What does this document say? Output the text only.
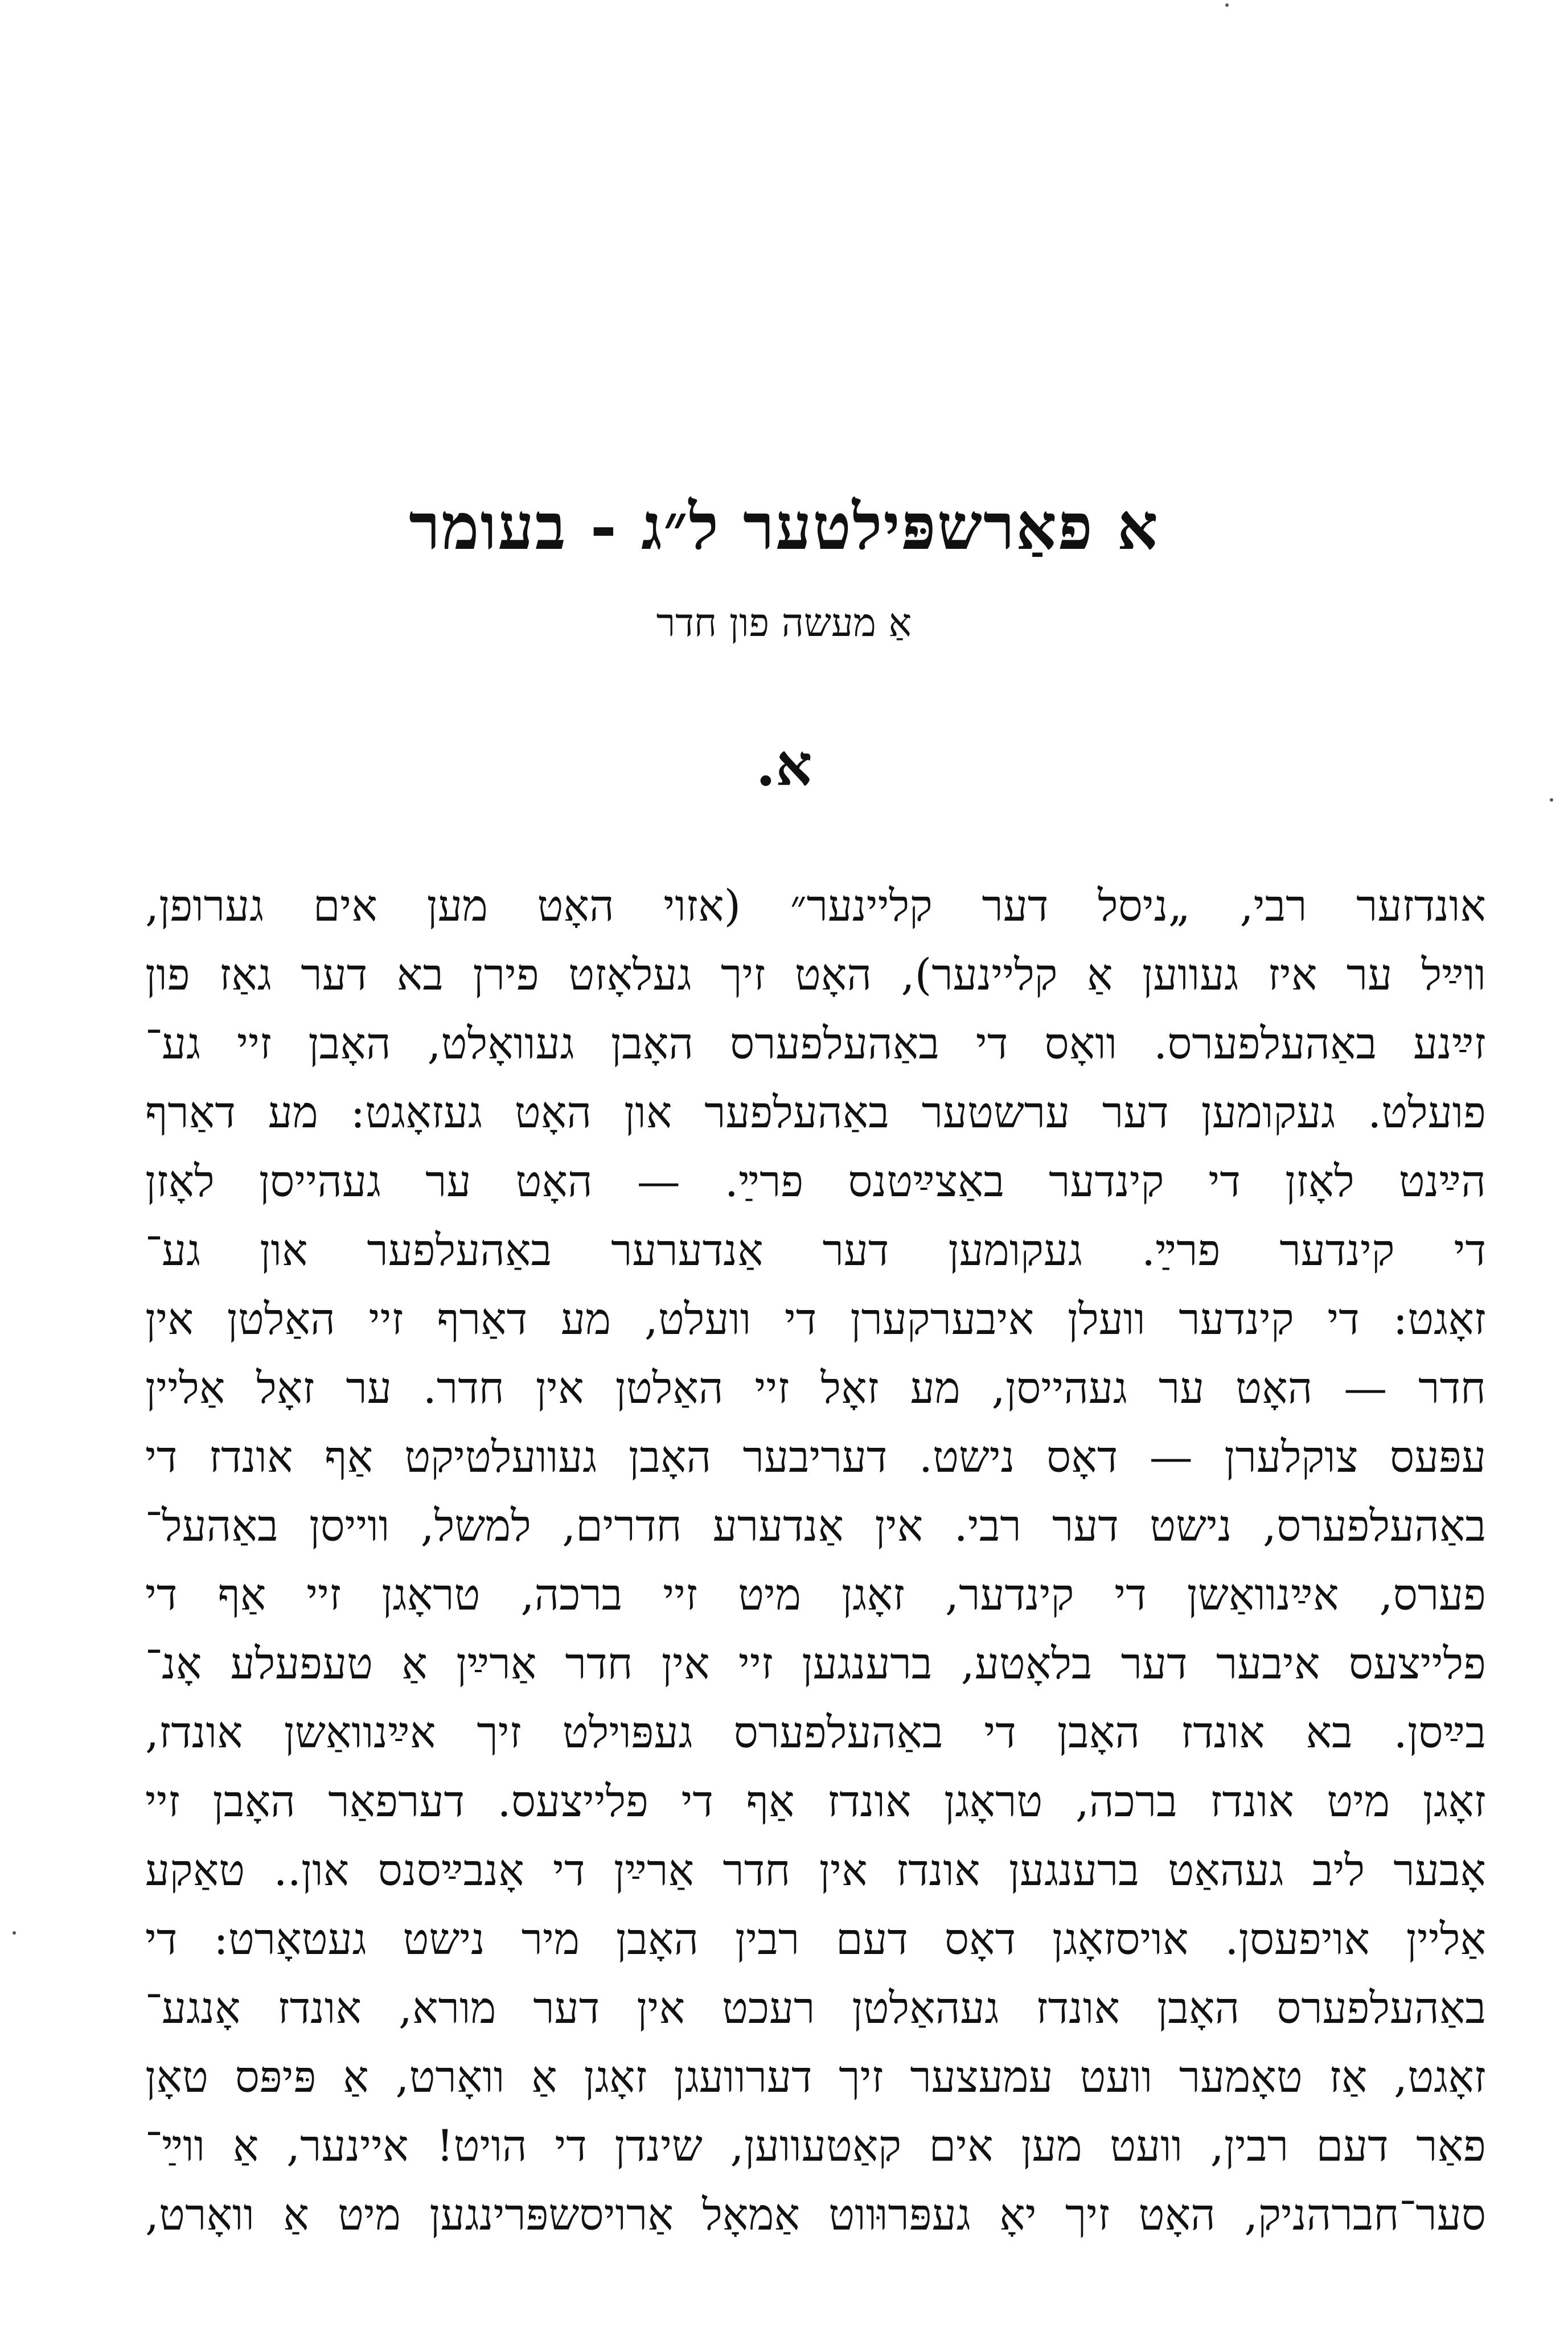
א פאַרשפּילטער ל״ג - בעומר
אַ מעשה פון חדר
א.
אונדזער רבי, „ניסל דער קליינער״ (אזוי האָט מען אים גערופן,
ווײַל ער איז געווען אַ קליינער), האָט זיך געלאָזט פירן בא דער גאַז פון
זײַנע באַהעלפערס. וואָס די באַהעלפערס האָבן געוואָלט, האָבן זיי גע־
פועלט. געקומען דער ערשטער באַהעלפער און האָט געזאָגט: מע דאַרף
הײַנט לאָזן די קינדער באַצײַטנס פרײַ. — האָט ער געהייסן לאָזן
די קינדער פרײַ. געקומען דער אַנדערער באַהעלפער און גע־
זאָגט: די קינדער וועלן איבערקערן די וועלט, מע דאַרף זיי האַלטן אין
חדר — האָט ער געהייסן, מע זאָל זיי האַלטן אין חדר. ער זאָל אַליין
עפּעס צוקלערן — דאָס נישט. דעריבער האָבן געוועלטיקט אַף אונדז די
באַהעלפערס, נישט דער רבי. אין אַנדערע חדרים, למשל, ווייסן באַהעל־
פערס, אײַנוואַשן די קינדער, זאָגן מיט זיי ברכה, טראָגן זיי אַף די
פלייצעס איבער דער בלאָטע, ברענגען זיי אין חדר אַרײַן אַ טעפעלע אָנ־
בײַסן. בא אונדז האָבן די באַהעלפערס געפּוילט זיך אײַנוואַשן אונדז,
זאָגן מיט אונדז ברכה, טראָגן אונדז אַף די פלייצעס. דערפאַר האָבן זיי
אָבער ליב געהאַט ברענגען אונדז אין חדר אַרײַן די אָנבײַסנס און.. טאַקע
אַליין אויפעסן. אויסזאָגן דאָס דעם רבין האָבן מיר נישט געטאָרט: די
באַהעלפערס האָבן אונדז געהאַלטן רעכט אין דער מורא, אונדז אָנגע־
זאָגט, אַז טאָמער וועט עמעצער זיך דערוועגן זאָגן אַ וואָרט, אַ פּיפּס טאָן
פאַר דעם רבין, וועט מען אים קאַטעווען, שינדן די הויט! איינער, אַ ווײַ־
סער־חברהניק, האָט זיך יאָ געפּרוּווט אַמאָל אַרויסשפּרינגען מיט אַ וואָרט,
